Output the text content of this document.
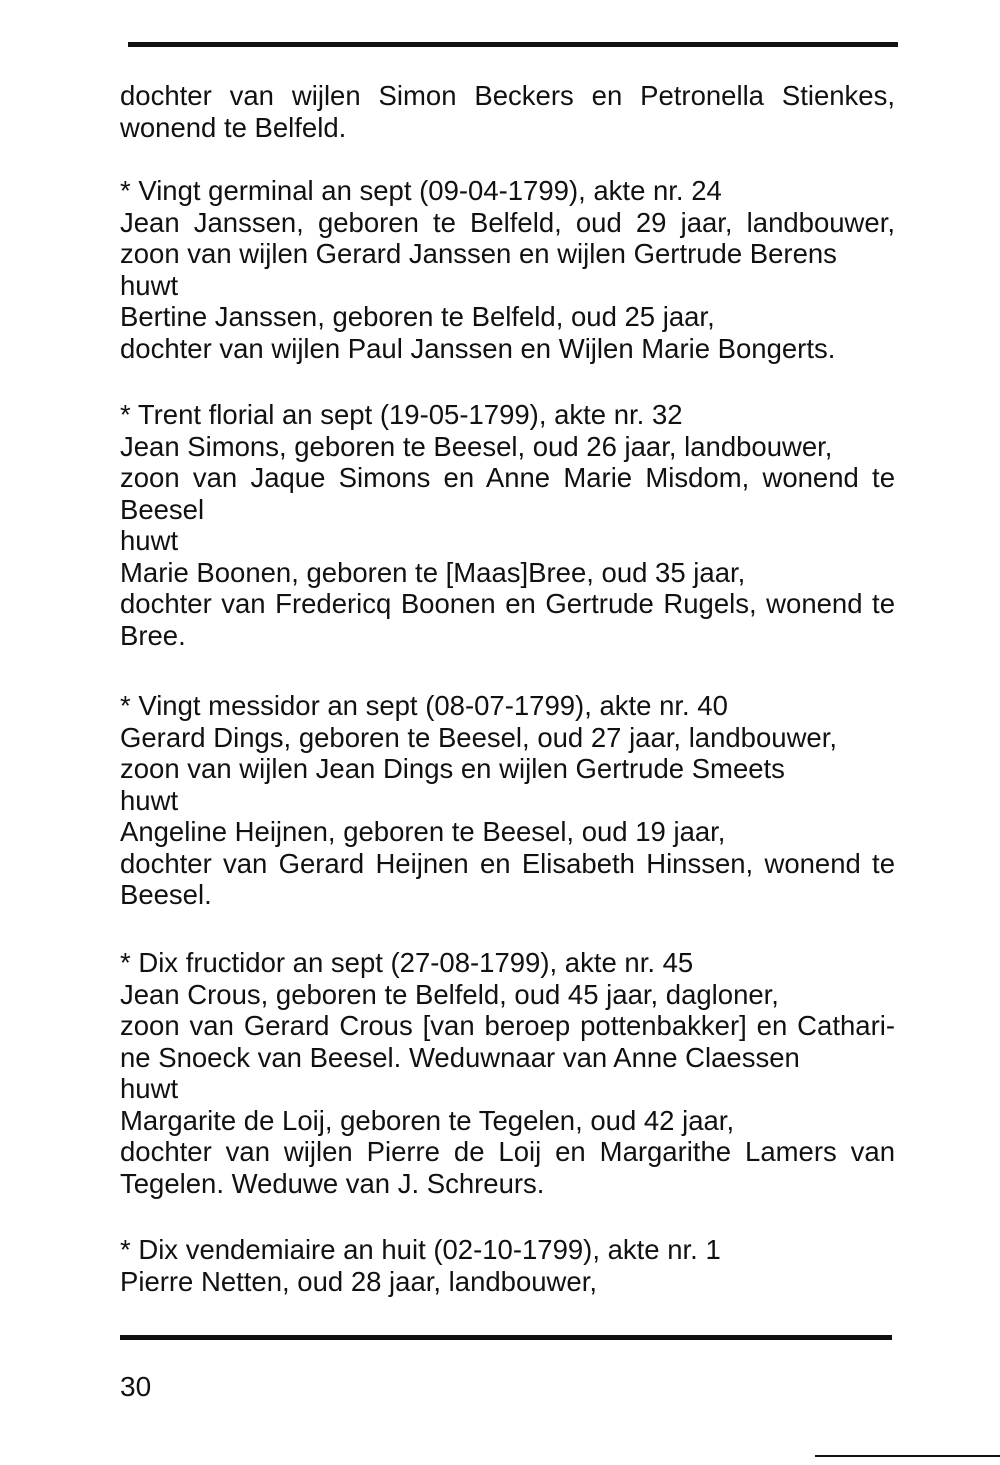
dochter van wijlen Simon Beckers en Petronella Stienkes,
wonend te Belfeld.
* Vingt germinal an sept (09-04-1799), akte nr. 24
Jean Janssen, geboren te Belfeld, oud 29 jaar, landbouwer,
zoon van wijlen Gerard Janssen en wijlen Gertrude Berens
huwt
Bertine Janssen, geboren te Belfeld, oud 25 jaar,
dochter van wijlen Paul Janssen en Wijlen Marie Bongerts.
* Trent florial an sept (19-05-1799), akte nr. 32
Jean Simons, geboren te Beesel, oud 26 jaar, landbouwer,
zoon van Jaque Simons en Anne Marie Misdom, wonend te
Beesel
huwt
Marie Boonen, geboren te [Maas]Bree, oud 35 jaar,
dochter van Fredericq Boonen en Gertrude Rugels, wonend te
Bree.
* Vingt messidor an sept (08-07-1799), akte nr. 40
Gerard Dings, geboren te Beesel, oud 27 jaar, landbouwer,
zoon van wijlen Jean Dings en wijlen Gertrude Smeets
huwt
Angeline Heijnen, geboren te Beesel, oud 19 jaar,
dochter van Gerard Heijnen en Elisabeth Hinssen, wonend te
Beesel.
* Dix fructidor an sept (27-08-1799), akte nr. 45
Jean Crous, geboren te Belfeld, oud 45 jaar, dagloner,
zoon van Gerard Crous [van beroep pottenbakker] en Cathari-
ne Snoeck van Beesel. Weduwnaar van Anne Claessen
huwt
Margarite de Loij, geboren te Tegelen, oud 42 jaar,
dochter van wijlen Pierre de Loij en Margarithe Lamers van
Tegelen. Weduwe van J. Schreurs.
* Dix vendemiaire an huit (02-10-1799), akte nr. 1
Pierre Netten, oud 28 jaar, landbouwer,
30
